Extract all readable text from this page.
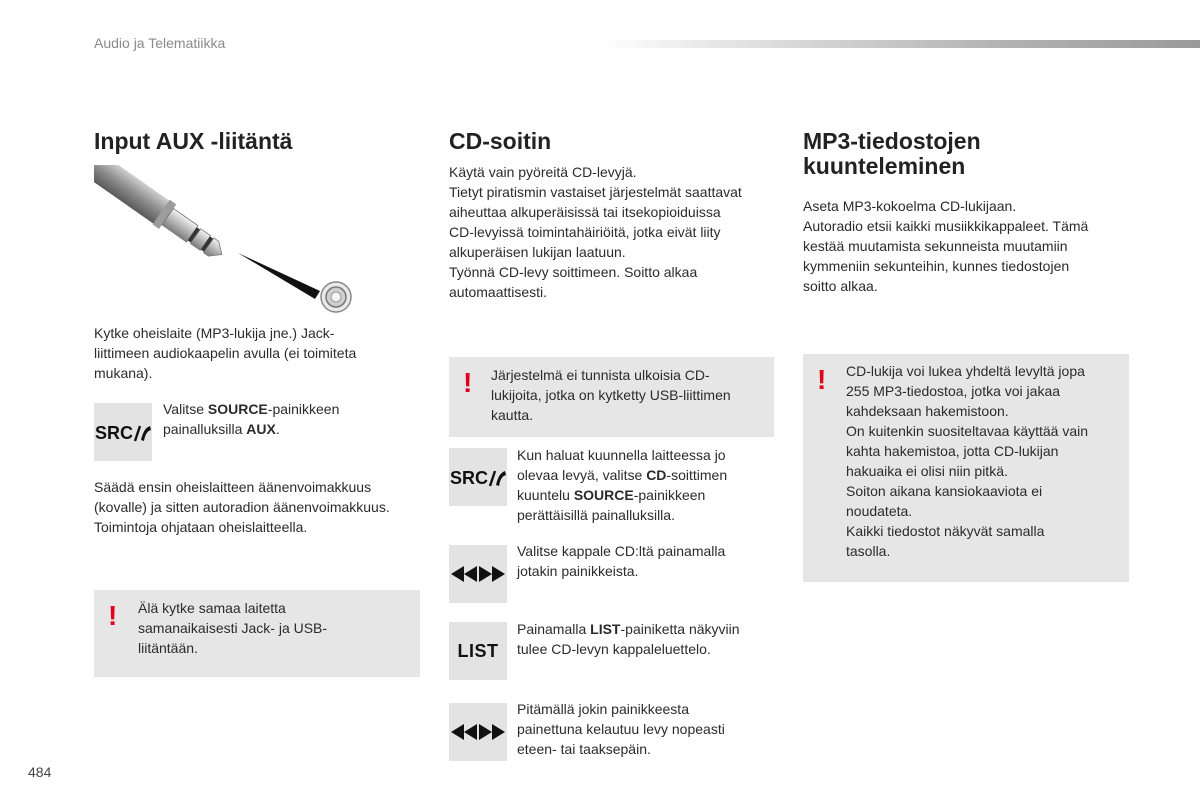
Audio ja Telematiikka
Input AUX -liitäntä

Kytke oheislaite (MP3-lukija jne.) Jack-
liittimeen audiokaapelin avulla (ei toimiteta
mukana).

SRC

Valitse SOURCE-painikkeen
painalluksilla AUX.

Säädä ensin oheislaitteen äänenvoimakkuus
(kovalle) ja sitten autoradion äänenvoimakkuus.
Toimintoja ohjataan oheislaitteella.

! Älä kytke samaa laitetta
samanaikaisesti Jack- ja USB-
liitäntään.
CD-soitin

Käytä vain pyöreitä CD-levyjä.
Tietyt piratismin vastaiset järjestelmät saattavat
aiheuttaa alkuperäisissä tai itsekopioiduissa
CD-levyissä toimintahäiriöitä, jotka eivät liity
alkuperäisen lukijan laatuun.
Työnnä CD-levy soittimeen. Soitto alkaa
automaattisesti.

! Järjestelmä ei tunnista ulkoisia CD-
lukijoita, jotka on kytketty USB-liittimen
kautta.
SRC

Kun haluat kuunnella laitteessa jo
olevaa levyä, valitse CD-soittimen
kuuntelu SOURCE-painikkeen
perättäisillä painalluksilla.

Valitse kappale CD:ltä painamalla
jotakin painikkeista.

LIST

Painamalla LIST-painiketta näkyviin
tulee CD-levyn kappaleluettelo.

Pitämällä jokin painikkeesta
painettuna kelautuu levy nopeasti
eteen- tai taaksepäin.

MP3-tiedostojen
kuunteleminen

Aseta MP3-kokoelma CD-lukijaan.
Autoradio etsii kaikki musiikkikappaleet. Tämä
kestää muutamista sekunneista muutamiin
kymmeniin sekunteihin, kunnes tiedostojen
soitto alkaa.

! CD-lukija voi lukea yhdeltä levyltä jopa
255 MP3-tiedostoa, jotka voi jakaa
kahdeksaan hakemistoon.
On kuitenkin suositeltavaa käyttää vain
kahta hakemistoa, jotta CD-lukijan
hakuaika ei olisi niin pitkä.
Soiton aikana kansiokaaviota ei
noudateta.
Kaikki tiedostot näkyvät samalla
tasolla.
484
